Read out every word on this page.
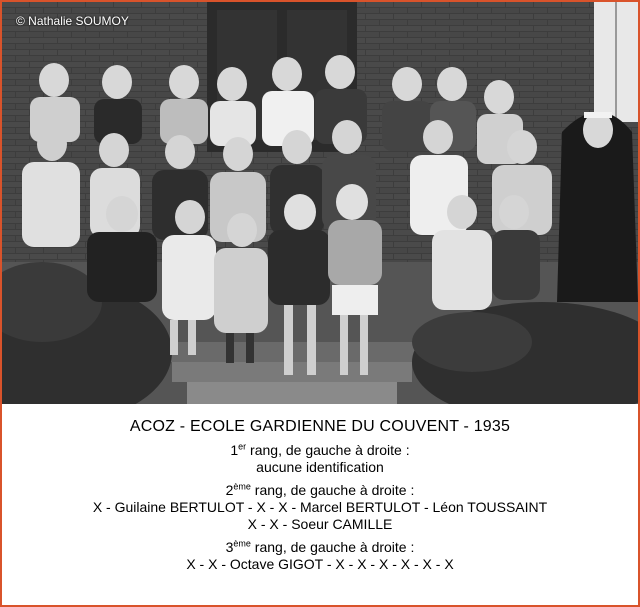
© Nathalie SOUMOY
ACOZ - ECOLE GARDIENNE DU COUVENT - 1935
1er rang, de gauche à droite :
aucune identification
2ème rang, de gauche à droite :
X - Guilaine BERTULOT - X - X - Marcel BERTULOT - Léon TOUSSAINT
X - X - Soeur CAMILLE
3ème rang, de gauche à droite :
X - X - Octave GIGOT - X - X - X - X - X - X
